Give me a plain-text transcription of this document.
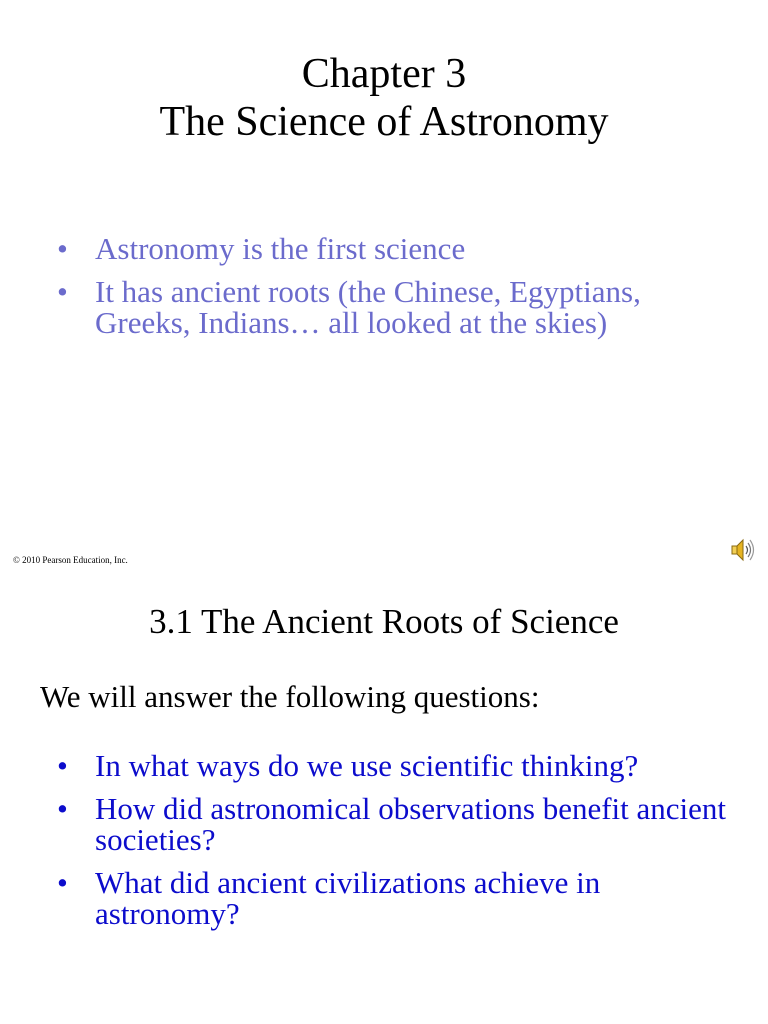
Chapter 3
The Science of Astronomy
• Astronomy is the first science
• It has ancient roots (the Chinese, Egyptians, Greeks, Indians… all looked at the skies)
© 2010 Pearson Education, Inc.
3.1 The Ancient Roots of Science

We will answer the following questions:

• In what ways do we use scientific thinking?
• How did astronomical observations benefit ancient societies?
• What did ancient civilizations achieve in astronomy?
